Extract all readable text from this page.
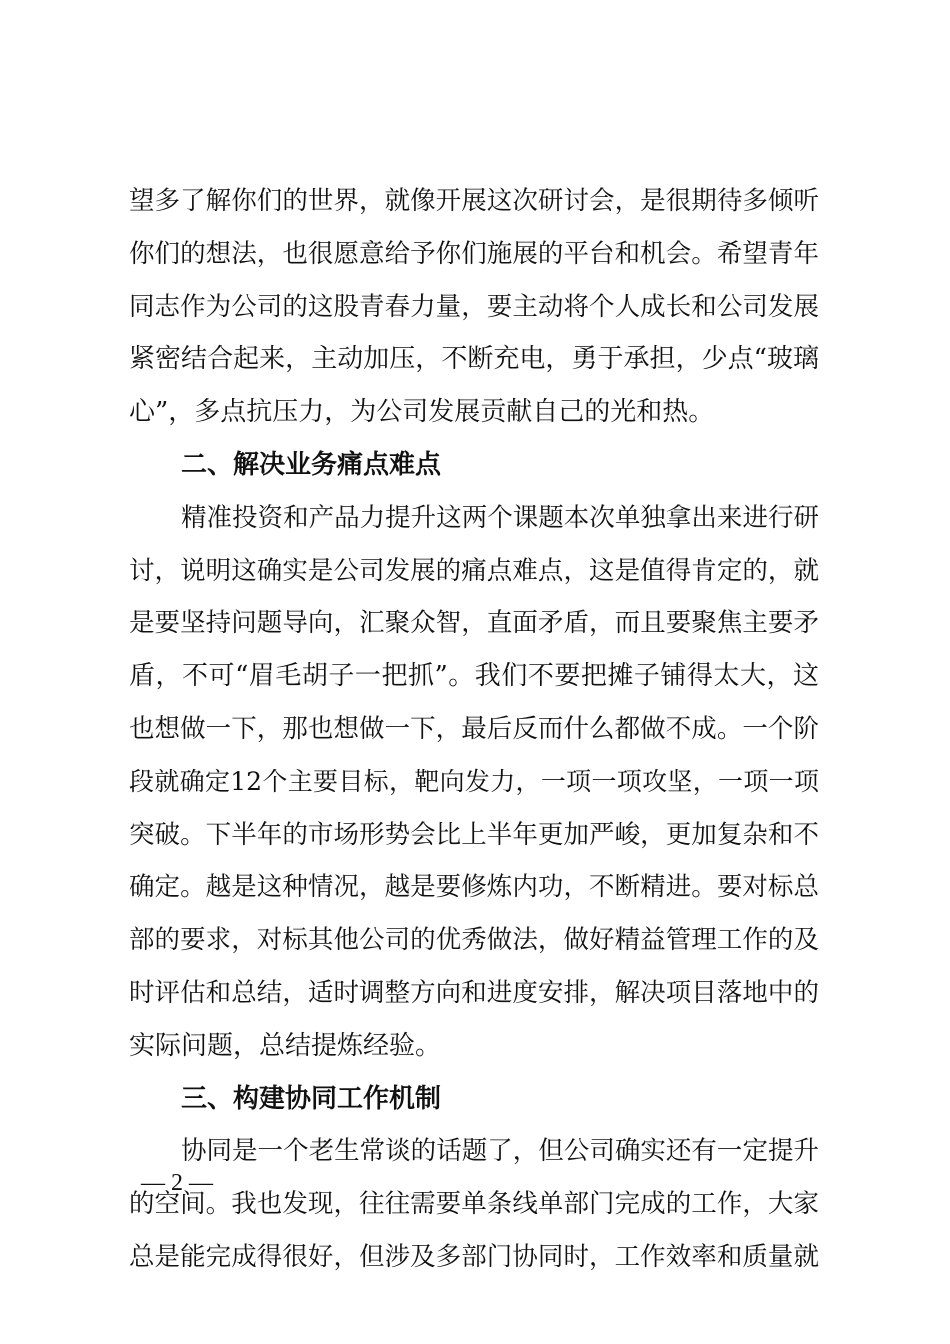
望多了解你们的世界，就像开展这次研讨会，是很期待多倾听
你们的想法，也很愿意给予你们施展的平台和机会。希望青年
同志作为公司的这股青春力量，要主动将个人成长和公司发展
紧密结合起来，主动加压，不断充电，勇于承担，少点“玻璃
心”，多点抗压力，为公司发展贡献自己的光和热。
二、解决业务痛点难点
精准投资和产品力提升这两个课题本次单独拿出来进行研
讨，说明这确实是公司发展的痛点难点，这是值得肯定的，就
是要坚持问题导向，汇聚众智，直面矛盾，而且要聚焦主要矛
盾，不可“眉毛胡子一把抓”。我们不要把摊子铺得太大，这
也想做一下，那也想做一下，最后反而什么都做不成。一个阶
段就确定12个主要目标，靶向发力，一项一项攻坚，一项一项
突破。下半年的市场形势会比上半年更加严峻，更加复杂和不
确定。越是这种情况，越是要修炼内功，不断精进。要对标总
部的要求，对标其他公司的优秀做法，做好精益管理工作的及
时评估和总结，适时调整方向和进度安排，解决项目落地中的
实际问题，总结提炼经验。
三、构建协同工作机制
协同是一个老生常谈的话题了，但公司确实还有一定提升
的空间。我也发现，往往需要单条线单部门完成的工作，大家
总是能完成得很好，但涉及多部门协同时，工作效率和质量就
— 2 —
